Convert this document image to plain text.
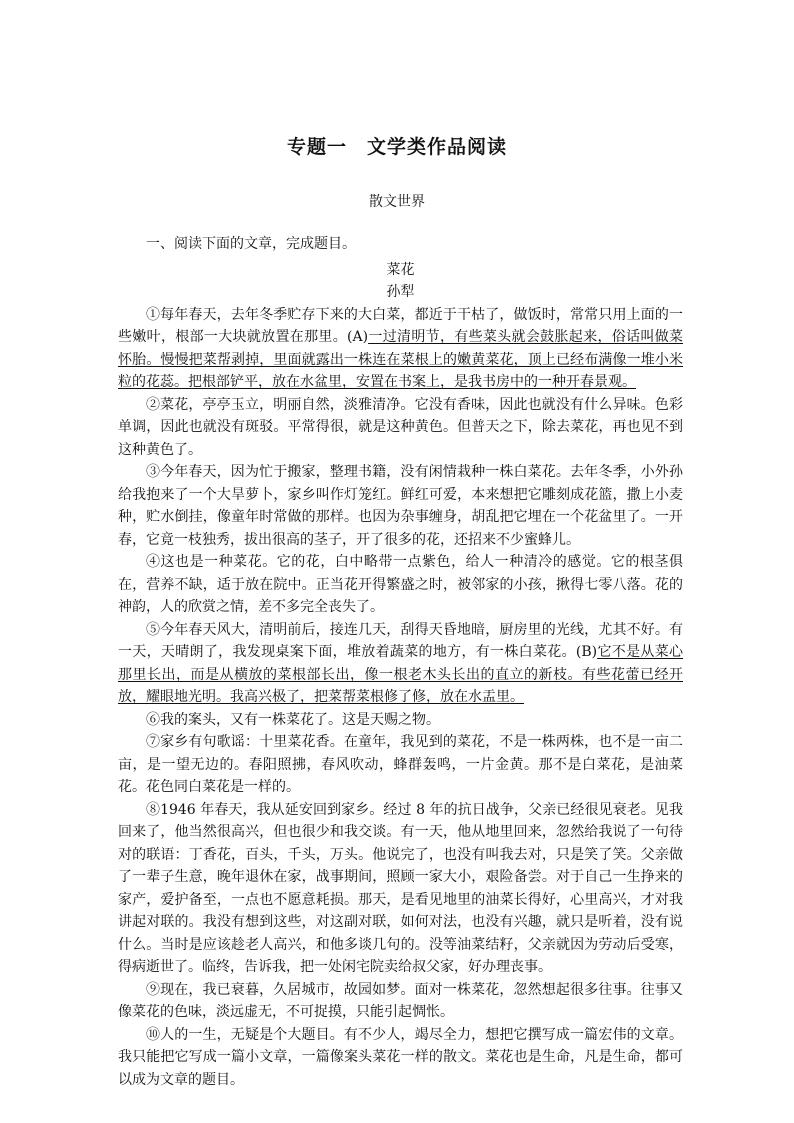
专题一　文学类作品阅读
散文世界

一、阅读下面的文章，完成题目。

菜花

孙犁

①每年春天，去年冬季贮存下来的大白菜，都近于干枯了，做饭时，常常只用上面的一些嫩叶，根部一大块就放置在那里。(A)一过清明节，有些菜头就会鼓胀起来，俗话叫做菜怀胎。慢慢把菜帮剥掉，里面就露出一株连在菜根上的嫩黄菜花，顶上已经布满像一堆小米粒的花蕊。把根部铲平，放在水盆里，安置在书案上，是我书房中的一种开春景观。

②菜花，亭亭玉立，明丽自然，淡雅清净。它没有香味，因此也就没有什么异味。色彩单调，因此也就没有斑驳。平常得很，就是这种黄色。但普天之下，除去菜花，再也见不到这种黄色了。

③今年春天，因为忙于搬家，整理书籍，没有闲情栽种一株白菜花。去年冬季，小外孙给我抱来了一个大旱萝卜，家乡叫作灯笼红。鲜红可爱，本来想把它雕刻成花篮，撒上小麦种，贮水倒挂，像童年时常做的那样。也因为杂事缠身，胡乱把它埋在一个花盆里了。一开春，它竟一枝独秀，拔出很高的茎子，开了很多的花，还招来不少蜜蜂儿。

④这也是一种菜花。它的花，白中略带一点紫色，给人一种清冷的感觉。它的根茎俱在，营养不缺，适于放在院中。正当花开得繁盛之时，被邻家的小孩，揪得七零八落。花的神韵，人的欣赏之情，差不多完全丧失了。

⑤今年春天风大，清明前后，接连几天，刮得天昏地暗，厨房里的光线，尤其不好。有一天，天晴朗了，我发现桌案下面，堆放着蔬菜的地方，有一株白菜花。(B)它不是从菜心那里长出，而是从横放的菜根部长出，像一根老木头长出的直立的新枝。有些花蕾已经开放，耀眼地光明。我高兴极了，把菜帮菜根修了修，放在水盂里。

⑥我的案头，又有一株菜花了。这是天赐之物。

⑦家乡有句歌谣：十里菜花香。在童年，我见到的菜花，不是一株两株，也不是一亩二亩，是一望无边的。春阳照拂，春风吹动，蜂群轰鸣，一片金黄。那不是白菜花，是油菜花。花色同白菜花是一样的。

⑧1946 年春天，我从延安回到家乡。经过 8 年的抗日战争，父亲已经很见衰老。见我回来了，他当然很高兴，但也很少和我交谈。有一天，他从地里回来，忽然给我说了一句待对的联语：丁香花，百头，千头，万头。他说完了，也没有叫我去对，只是笑了笑。父亲做了一辈子生意，晚年退休在家，战事期间，照顾一家大小，艰险备尝。对于自己一生挣来的家产，爱护备至，一点也不愿意耗损。那天，是看见地里的油菜长得好，心里高兴，才对我讲起对联的。我没有想到这些，对这副对联，如何对法，也没有兴趣，就只是听着，没有说什么。当时是应该趁老人高兴，和他多谈几句的。没等油菜结籽，父亲就因为劳动后受寒，得病逝世了。临终，告诉我，把一处闲宅院卖给叔父家，好办理丧事。

⑨现在，我已衰暮，久居城市，故园如梦。面对一株菜花，忽然想起很多往事。往事又像菜花的色味，淡远虚无，不可捉摸，只能引起惆怅。

⑩人的一生，无疑是个大题目。有不少人，竭尽全力，想把它撰写成一篇宏伟的文章。我只能把它写成一篇小文章，一篇像案头菜花一样的散文。菜花也是生命，凡是生命，都可以成为文章的题目。
